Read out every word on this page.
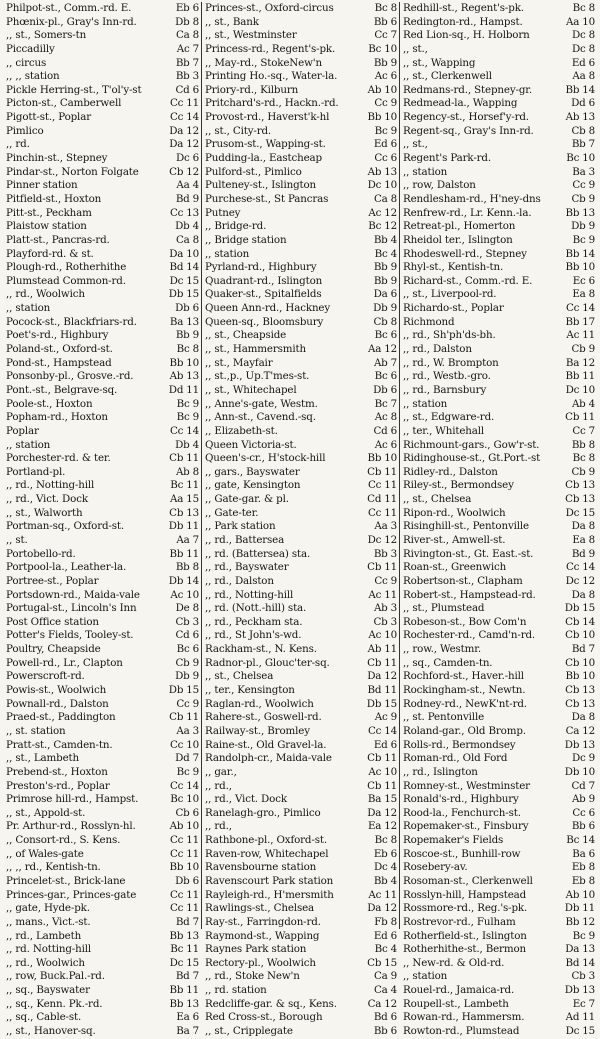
Philpot-st., Comm.-rd. E.	Eb 6
Phœnix-pl., Gray's Inn-rd.	Db 8
,, st., Somers-tn	Ca 8
Piccadilly	Ac 7
,, circus	Bb 7
,, ,, station	Bb 3
Pickle Herring-st., T'ol'y-st	Cd 6
Picton-st., Camberwell	Cc 11
Pigott-st., Poplar	Cc 14
Pimlico	Da 12
,, rd.	Da 12
Pinchin-st., Stepney	Dc 6
Pindar-st., Norton Folgate	Cb 12
Pinner station	Aa 4
Pitfield-st., Hoxton	Bd 9
Pitt-st., Peckham	Cc 13
Plaistow station	Db 4
Platt-st., Pancras-rd.	Ca 8
Playford-rd. & st.	Da 10
Plough-rd., Rotherhithe	Bd 14
Plumstead Common-rd.	Dc 15
,, rd., Woolwich	Db 15
,, station	Db 6
Pocock-st., Blackfriars-rd.	Ba 13
Poet's-rd., Highbury	Bb 9
Poland-st., Oxford-st.	Bc 8
Pond-st., Hampstead	Bb 10
Ponsonby-pl., Grosve.-rd.	Ab 13
Pont.-st., Belgrave-sq.	Dd 11
Poole-st., Hoxton	Bc 9
Popham-rd., Hoxton	Bc 9
Poplar	Cc 14
,, station	Db 4
Porchester-rd. & ter.	Cb 11
Portland-pl.	Ab 8
,, rd., Notting-hill	Bc 11
,, rd., Vict. Dock	Aa 15
,, st., Walworth	Cb 13
Portman-sq., Oxford-st.	Db 11
,, st.	Aa 7
Portobello-rd.	Bb 11
Portpool-la., Leather-la.	Bb 8
Portree-st., Poplar	Db 14
Portsdown-rd., Maida-vale	Ac 10
Portugal-st., Lincoln's Inn	De 8
Post Office station	Cb 3
Potter's Fields, Tooley-st.	Cd 6
Poultry, Cheapside	Bc 6
Powell-rd., Lr., Clapton	Cb 9
Powerscroft-rd.	Db 9
Powis-st., Woolwich	Db 15
Pownall-rd., Dalston	Cc 9
Praed-st., Paddington	Cb 11
,, st. station	Aa 3
Pratt-st., Camden-tn.	Cc 10
,, st., Lambeth	Dd 7
Prebend-st., Hoxton	Bc 9
Preston's-rd., Poplar	Cc 14
Primrose hill-rd., Hampst.	Bc 10
,, st., Appold-st.	Cb 6
Pr. Arthur-rd., Rosslyn-hl.	Ab 10
,, Consort-rd., S. Kens.	Cc 11
,, of Wales-gate	Cc 11
,, ,, rd., Kentish-tn.	Bb 10
Princelet-st., Brick-lane	Db 6
Princes-gar., Princes-gate	Cc 11
,, gate, Hyde-pk.	Cc 11
,, mans., Vict.-st.	Bd 7
,, rd., Lambeth	Bb 13
,, rd. Notting-hill	Bc 11
,, rd., Woolwich	Dc 15
,, row, Buck.Pal.-rd.	Bd 7
,, sq., Bayswater	Bb 11
,, sq., Kenn. Pk.-rd.	Bb 13
,, sq., Cable-st.	Ea 6
,, st., Hanover-sq.	Ba 7
Princes-st., Oxford-circus	Bc 8
,, st., Bank	Bb 6
,, st., Westminster	Cc 7
Princess-rd., Regent's-pk.	Bc 10
,, May-rd., StokeNew'n	Bb 9
Printing Ho.-sq., Water-la.	Ac 6
Priory-rd., Kilburn	Ab 10
Pritchard's-rd., Hackn.-rd.	Cc 9
Provost-rd., Haverst'k-hl	Bb 10
,, st., City-rd.	Bc 9
Prusom-st., Wapping-st.	Ed 6
Pudding-la., Eastcheap	Cc 6
Pulford-st., Pimlico	Ab 13
Pulteney-st., Islington	Dc 10
Purchese-st., St Pancras	Ca 8
Putney	Ac 12
,, Bridge-rd.	Bc 12
,, Bridge station	Bb 4
,, station	Bc 4
Pyrland-rd., Highbury	Bb 9
Quadrant-rd., Islington	Bb 9
Quaker-st., Spitalfields	Da 6
Queen Ann-rd., Hackney	Db 9
Queen-sq., Bloomsbury	Cb 8
,, st., Cheapside	Bc 6
,, st., Hammersmith	Aa 12
,, st., Mayfair	Ab 7
,, st.,p., Up.T'mes-st.	Bc 6
,, st., Whitechapel	Db 6
,, Anne's-gate, Westm.	Bc 7
,, Ann-st., Cavend.-sq.	Ac 8
,, Elizabeth-st.	Cd 6
Queen Victoria-st.	Ac 6
Queen's-cr., H'stock-hill	Bb 10
,, gars., Bayswater	Cb 11
,, gate, Kensington	Cc 11
,, Gate-gar. & pl.	Cd 11
,, Gate-ter.	Cc 11
,, Park station	Aa 3
,, rd., Battersea	Dc 12
,, rd. (Battersea) sta.	Bb 3
,, rd., Bayswater	Cb 11
,, rd., Dalston	Cc 9
,, rd., Notting-hill	Ac 11
,, rd. (Nott.-hill) sta.	Ab 3
,, rd., Peckham sta.	Cb 3
,, rd., St John's-wd.	Ac 10
Rackham-st., N. Kens.	Ab 11
Radnor-pl., Glouc'ter-sq.	Cb 11
,, st., Chelsea	Da 12
,, ter., Kensington	Bd 11
Raglan-rd., Woolwich	Db 15
Rahere-st., Goswell-rd.	Ac 9
Railway-st., Bromley	Cc 14
Raine-st., Old Gravel-la.	Ed 6
Randolph-cr., Maida-vale	Cb 11
,, gar.,	Ac 10
,, rd.,	Cb 11
,, rd., Vict. Dock	Ba 15
Ranelagh-gro., Pimlico	Da 12
,, rd.,	Ea 12
Rathbone-pl., Oxford-st.	Bc 8
Raven-row, Whitechapel	Eb 6
Ravensbourne station	Dc 4
Ravenscourt Park station	Bb 4
Rayleigh-rd., H'mersmith	Ac 11
Rawlings-st., Chelsea	Da 12
Ray-st., Farringdon-rd.	Fb 8
Raymond-st., Wapping	Ed 6
Raynes Park station	Bc 4
Rectory-pl., Woolwich	Cb 15
,, rd., Stoke New'n	Ca 9
,, rd. station	Ca 4
Redcliffe-gar. & sq., Kens.	Ca 12
Red Cross-st., Borough	Bd 6
,, st., Cripplegate	Bb 6
Redhill-st., Regent's-pk.	Bc 8
Redington-rd., Hampst.	Aa 10
Red Lion-sq., H. Holborn	Dc 8
,, st.,	Dc 8
,, st., Wapping	Ed 6
,, st., Clerkenwell	Aa 8
Redmans-rd., Stepney-gr.	Bb 14
Redmead-la., Wapping	Dd 6
Regency-st., Horsef'y-rd.	Ab 13
Regent-sq., Gray's Inn-rd.	Cb 8
,, st.,	Bb 7
Regent's Park-rd.	Bc 10
,, station	Ba 3
,, row, Dalston	Cc 9
Rendlesham-rd., H'ney-dns	Cb 9
Renfrew-rd., Lr. Kenn.-la.	Bb 13
Retreat-pl., Homerton	Db 9
Rheidol ter., Islington	Bc 9
Rhodeswell-rd., Stepney	Bb 14
Rhyl-st., Kentish-tn.	Bb 10
Richard-st., Comm.-rd. E.	Ec 6
,, st., Liverpool-rd.	Ea 8
Richardo-st., Poplar	Cc 14
Richmond	Bb 17
,, rd., Sh'ph'ds-bh.	Ac 11
,, rd., Dalston	Cb 9
,, rd., W. Brompton	Ba 12
,, rd., Westb.-gro.	Bb 11
,, rd., Barnsbury	Dc 10
,, station	Ab 4
,, st., Edgware-rd.	Cb 11
,, ter., Whitehall	Cc 7
Richmount-gars., Gow'r-st.	Bb 8
Ridinghouse-st., Gt.Port.-st	Bc 8
Ridley-rd., Dalston	Cb 9
Riley-st., Bermondsey	Cb 13
,, st., Chelsea	Cb 13
Ripon-rd., Woolwich	Dc 15
Risinghill-st., Pentonville	Da 8
River-st., Amwell-st.	Ea 8
Rivington-st., Gt. East.-st.	Bd 9
Roan-st., Greenwich	Cc 14
Robertson-st., Clapham	Dc 12
Robert-st., Hampstead-rd.	Da 8
,, st., Plumstead	Db 15
Robeson-st., Bow Com'n	Cb 14
Rochester-rd., Camd'n-rd.	Cb 10
,, row., Westmr.	Bd 7
,, sq., Camden-tn.	Cb 10
Rochford-st., Haver.-hill	Bb 10
Rockingham-st., Newtn.	Cb 13
Rodney-rd., NewK'nt-rd.	Cb 13
,, st. Pentonville	Da 8
Roland-gar., Old Bromp.	Ca 12
Rolls-rd., Bermondsey	Db 13
Roman-rd., Old Ford	Dc 9
,, rd., Islington	Db 10
Romney-st., Westminster	Cd 7
Ronald's-rd., Highbury	Ab 9
Rood-la., Fenchurch-st.	Cc 6
Ropemaker-st., Finsbury	Bb 6
Ropemaker's Fields	Bc 14
Roscoe-st., Bunhill-row	Ba 6
Rosebery-av.	Eb 8
Rosoman-st., Clerkenwell	Eb 8
Rosslyn-hill, Hampstead	Ab 10
Rossmore-rd., Reg.'s-pk.	Db 11
Rostrevor-rd., Fulham	Bb 12
Rotherfield-st., Islington	Bc 9
Rotherhithe-st., Bermon	Da 13
,, New-rd. & Old-rd.	Bd 14
,, station	Cb 3
Rouel-rd., Jamaica-rd.	Db 13
Roupell-st., Lambeth	Ec 7
Rowan-rd., Hammersm.	Ad 11
Rowton-rd., Plumstead	Dc 15
